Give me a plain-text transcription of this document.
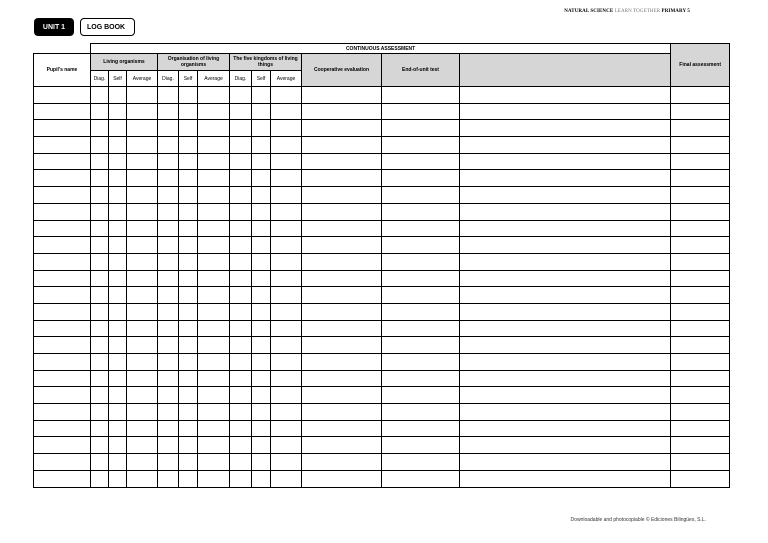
NATURAL SCIENCE LEARN TOGETHER PRIMARY 5
UNIT 1	LOG BOOK
	CONTINUOUS ASSESSMENT												Final assessment
Pupil's name	Living organisms			Organisation of living organisms			The five kingdoms of living things			Cooperative evaluation	End-of-unit test		
	Diag.	Self	Average	Diag.	Self	Average	Diag.	Self	Average				

Downloadable and photocopiable © Ediciones Bilingües, S.L.
